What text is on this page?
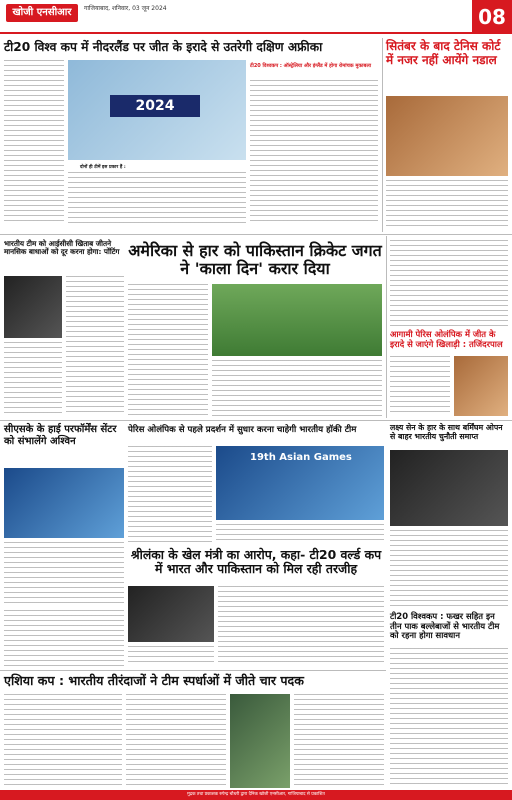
खोजी एनसीआर	गाजियाबाद, शनिवार, 03 जून 2024	08
टी20 विश्व कप में नीदरलैंड पर जीत के इरादे से उतरेगी दक्षिण अफ्रीका
2024
दोनों ही टीमें इस प्रकार हैं :
टी20 विश्वकप : ऑस्ट्रेलिया और इंग्लैंड में होगा रोमांचक मुकाबला
सितंबर के बाद टेनिस कोर्ट में नजर नहीं आयेंगे नडाल
भारतीय टीम को आईसीसी खिताब जीतने मानसिक बाधाओं को दूर करना होगा: पोंटिंग अमेरिका से हार को पाकिस्तान क्रिकेट जगत ने 'काला दिन' करार दिया
आगामी पेरिस ओलंपिक में जीत के इरादे से जाएंगे खिलाड़ी : तजिंदरपाल
सीएसके के हाई परफॉर्मेंस सेंटर को संभालेंगे अश्विन
पेरिस ओलंपिक से पहले प्रदर्शन में सुधार करना चाहेगी भारतीय हॉकी टीम
19th Asian Games
लक्ष्य सेन के हार के साथ बर्मिंघम ओपन से बाहर भारतीय चुनौती समाप्त
श्रीलंका के खेल मंत्री का आरोप, कहा- टी20 वर्ल्ड कप में भारत और पाकिस्तान को मिल रही तरजीह
टी20 विश्वकप : फखर सहित इन तीन पाक बल्लेबाजों से भारतीय टीम को रहना होगा सावधान
एशिया कप : भारतीय तीरंदाजों ने टीम स्पर्धाओं में जीते चार पदक
मुद्रक तथा प्रकाशक रुपेन्द्र चौधरी द्वारा दैनिक खोजी एनसीआर, गाजियाबाद से प्रकाशित
